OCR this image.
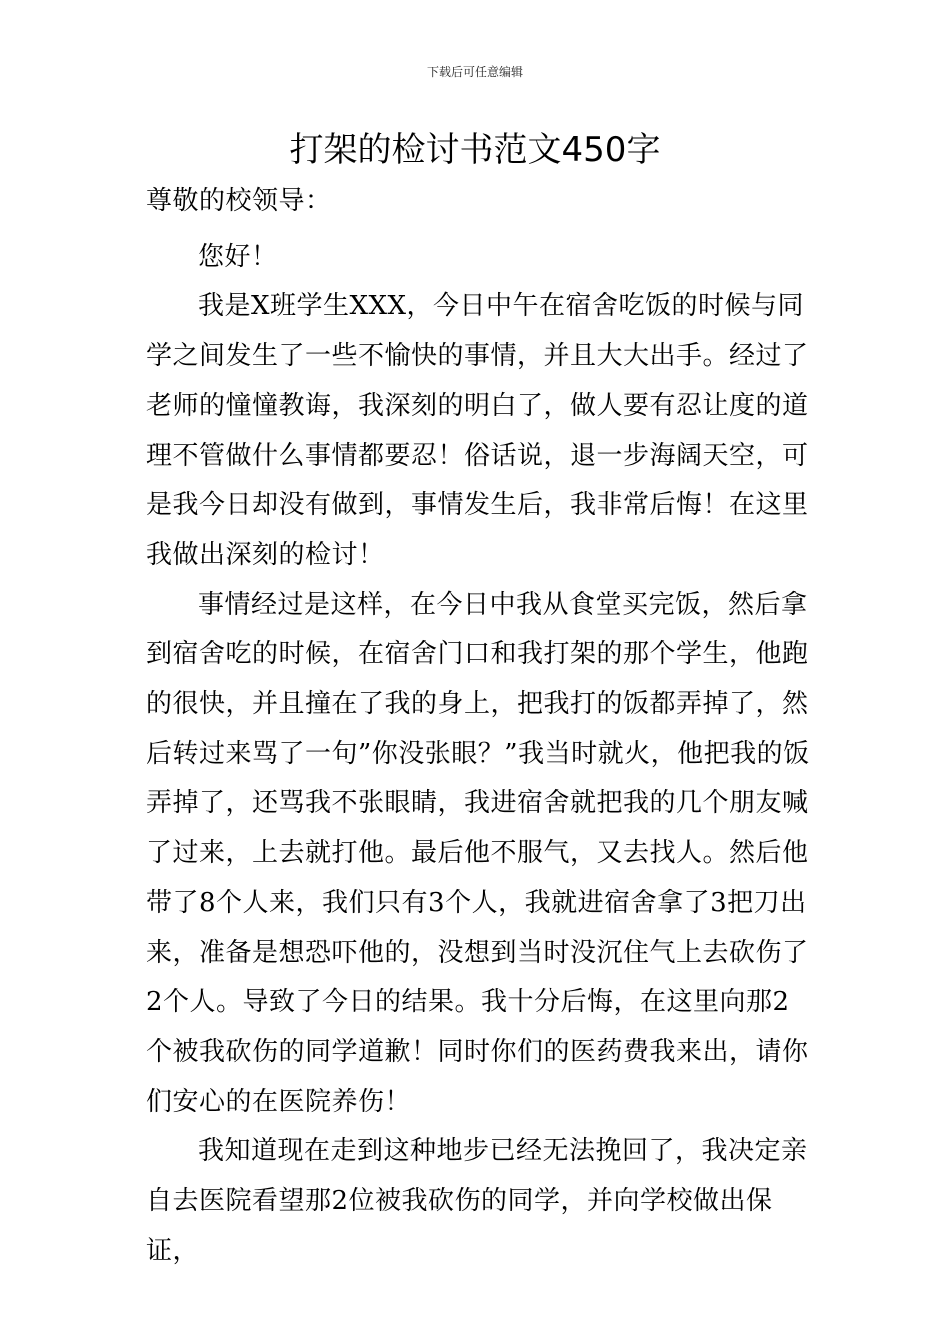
下载后可任意编辑
打架的检讨书范文450字

尊敬的校领导：

您好！

我是X班学生XXX，今日中午在宿舍吃饭的时候与同学之间发生了一些不愉快的事情，并且大大出手。经过了老师的憧憧教诲，我深刻的明白了，做人要有忍让度的道理不管做什么事情都要忍！俗话说，退一步海阔天空，可是我今日却没有做到，事情发生后，我非常后悔！在这里我做出深刻的检讨！

事情经过是这样，在今日中我从食堂买完饭，然后拿到宿舍吃的时候，在宿舍门口和我打架的那个学生，他跑的很快，并且撞在了我的身上，把我打的饭都弄掉了，然后转过来骂了一句”你没张眼？”我当时就火，他把我的饭弄掉了，还骂我不张眼睛，我进宿舍就把我的几个朋友喊了过来，上去就打他。最后他不服气，又去找人。然后他带了8个人来，我们只有3个人，我就进宿舍拿了3把刀出来，准备是想恐吓他的，没想到当时没沉住气上去砍伤了2个人。导致了今日的结果。我十分后悔，在这里向那2个被我砍伤的同学道歉！同时你们的医药费我来出，请你们安心的在医院养伤！

我知道现在走到这种地步已经无法挽回了，我决定亲自去医院看望那2位被我砍伤的同学，并向学校做出保证，
